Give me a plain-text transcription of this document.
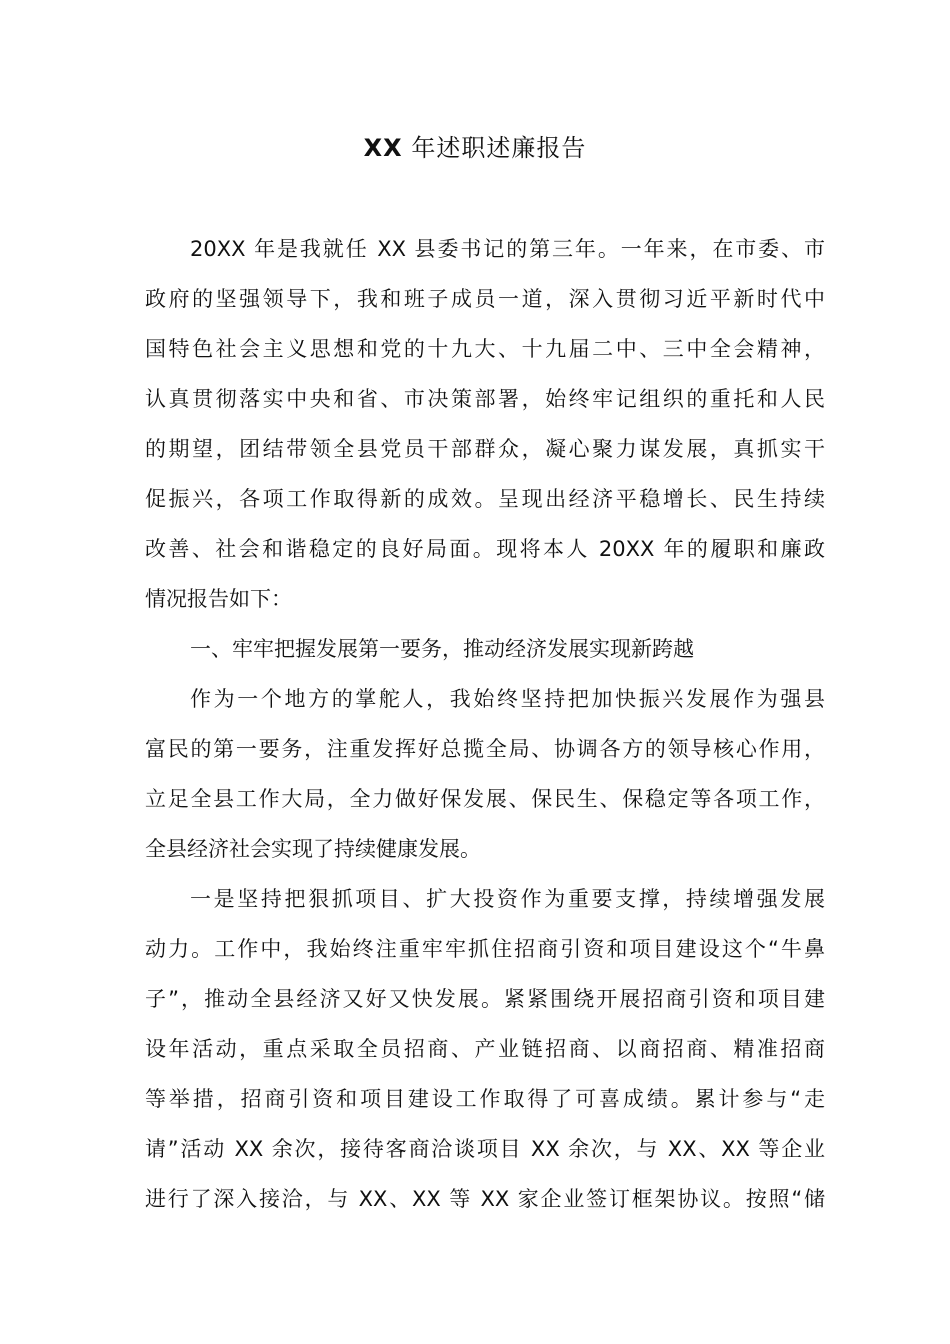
XX 年述职述廉报告
20XX 年是我就任 XX 县委书记的第三年。一年来，在市委、市
政府的坚强领导下，我和班子成员一道，深入贯彻习近平新时代中
国特色社会主义思想和党的十九大、十九届二中、三中全会精神，
认真贯彻落实中央和省、市决策部署，始终牢记组织的重托和人民
的期望，团结带领全县党员干部群众，凝心聚力谋发展，真抓实干
促振兴，各项工作取得新的成效。呈现出经济平稳增长、民生持续
改善、社会和谐稳定的良好局面。现将本人 20XX 年的履职和廉政
情况报告如下：
一、牢牢把握发展第一要务，推动经济发展实现新跨越
作为一个地方的掌舵人，我始终坚持把加快振兴发展作为强县
富民的第一要务，注重发挥好总揽全局、协调各方的领导核心作用，
立足全县工作大局，全力做好保发展、保民生、保稳定等各项工作，
全县经济社会实现了持续健康发展。
一是坚持把狠抓项目、扩大投资作为重要支撑，持续增强发展
动力。工作中，我始终注重牢牢抓住招商引资和项目建设这个“牛鼻
子”，推动全县经济又好又快发展。紧紧围绕开展招商引资和项目建
设年活动，重点采取全员招商、产业链招商、以商招商、精准招商
等举措，招商引资和项目建设工作取得了可喜成绩。累计参与“走
请”活动 XX 余次，接待客商洽谈项目 XX 余次，与 XX、XX 等企业
进行了深入接洽，与 XX、XX 等 XX 家企业签订框架协议。按照“储
